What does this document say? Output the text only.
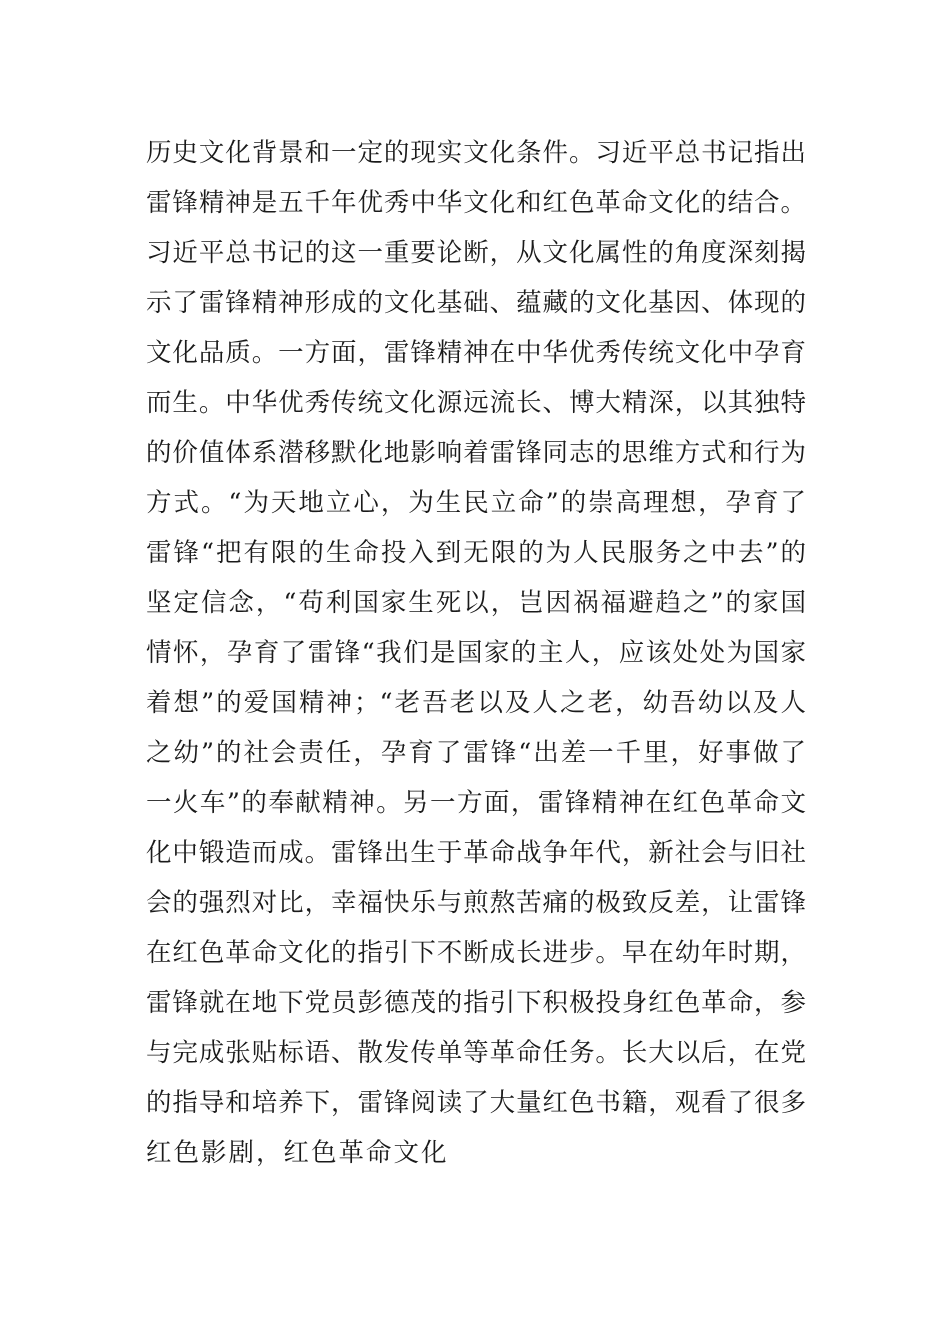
历史文化背景和一定的现实文化条件。习近平总书记指出
雷锋精神是五千年优秀中华文化和红色革命文化的结合。
习近平总书记的这一重要论断，从文化属性的角度深刻揭
示了雷锋精神形成的文化基础、蕴藏的文化基因、体现的
文化品质。一方面，雷锋精神在中华优秀传统文化中孕育
而生。中华优秀传统文化源远流长、博大精深，以其独特
的价值体系潜移默化地影响着雷锋同志的思维方式和行为
方式。“为天地立心，为生民立命”的崇高理想，孕育了
雷锋“把有限的生命投入到无限的为人民服务之中去”的
坚定信念，“苟利国家生死以，岂因祸福避趋之”的家国
情怀，孕育了雷锋“我们是国家的主人，应该处处为国家
着想”的爱国精神；“老吾老以及人之老，幼吾幼以及人
之幼”的社会责任，孕育了雷锋“出差一千里，好事做了
一火车”的奉献精神。另一方面，雷锋精神在红色革命文
化中锻造而成。雷锋出生于革命战争年代，新社会与旧社
会的强烈对比，幸福快乐与煎熬苦痛的极致反差，让雷锋
在红色革命文化的指引下不断成长进步。早在幼年时期，
雷锋就在地下党员彭德茂的指引下积极投身红色革命，参
与完成张贴标语、散发传单等革命任务。长大以后，在党
的指导和培养下，雷锋阅读了大量红色书籍，观看了很多
红色影剧，红色革命文化
